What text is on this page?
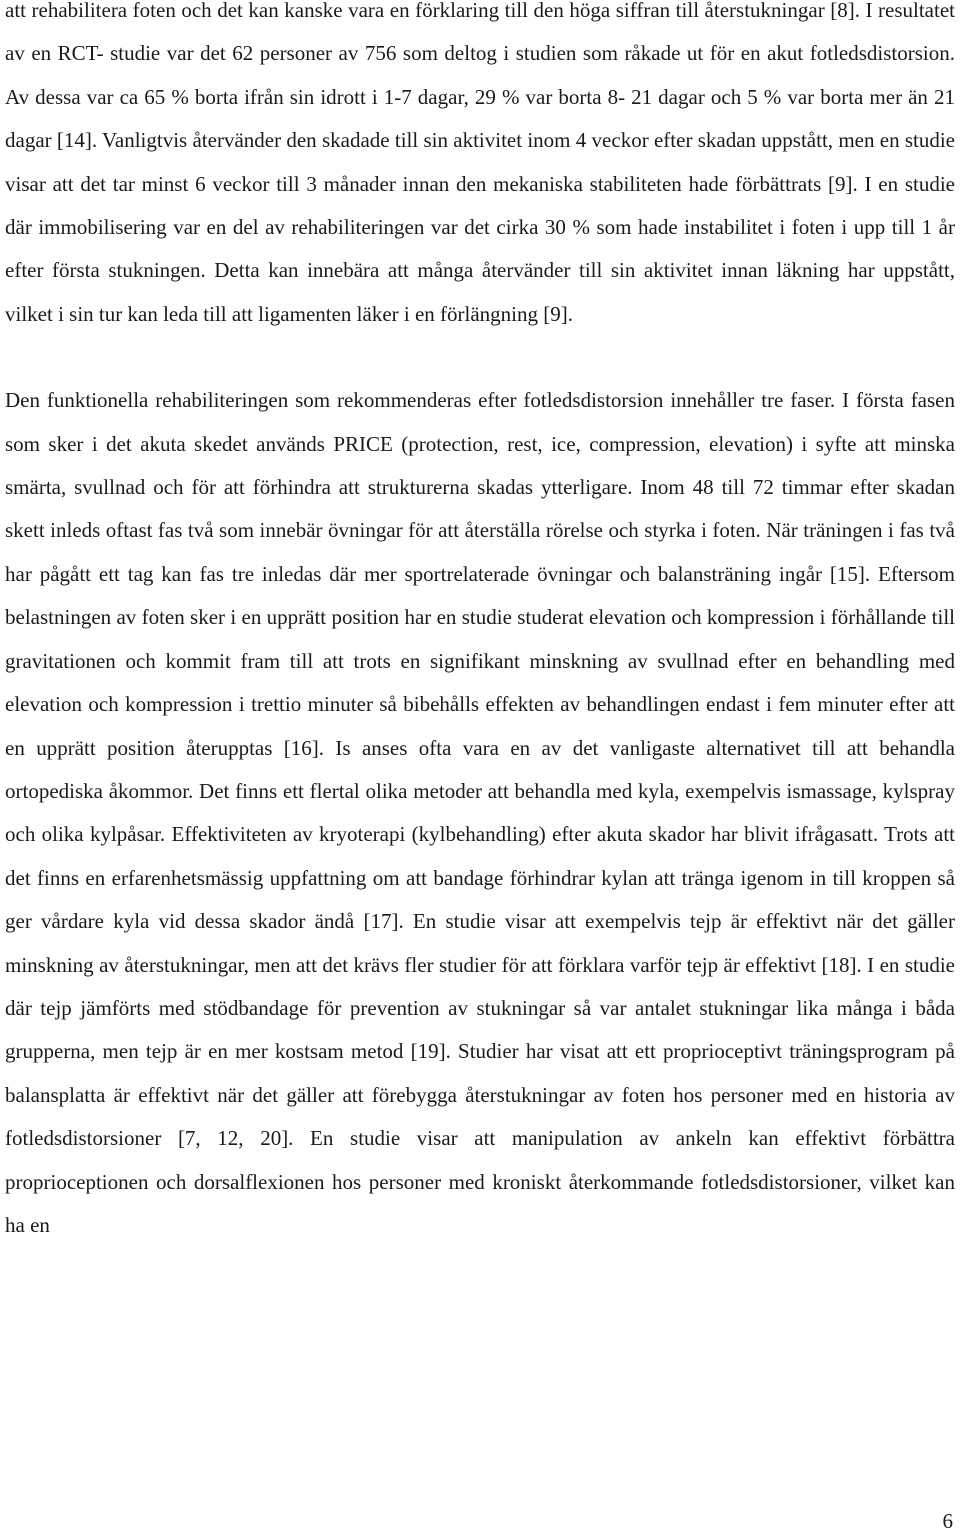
att rehabilitera foten och det kan kanske vara en förklaring till den höga siffran till återstukningar [8]. I resultatet av en RCT- studie var det 62 personer av 756 som deltog i studien som råkade ut för en akut fotledsdistorsion. Av dessa var ca 65 % borta ifrån sin idrott i 1-7 dagar, 29 % var borta 8- 21 dagar och 5 % var borta mer än 21 dagar [14]. Vanligtvis återvänder den skadade till sin aktivitet inom 4 veckor efter skadan uppstått, men en studie visar att det tar minst 6 veckor till 3 månader innan den mekaniska stabiliteten hade förbättrats [9]. I en studie där immobilisering var en del av rehabiliteringen var det cirka 30 % som hade instabilitet i foten i upp till 1 år efter första stukningen. Detta kan innebära att många återvänder till sin aktivitet innan läkning har uppstått, vilket i sin tur kan leda till att ligamenten läker i en förlängning [9].

Den funktionella rehabiliteringen som rekommenderas efter fotledsdistorsion innehåller tre faser. I första fasen som sker i det akuta skedet används PRICE (protection, rest, ice, compression, elevation) i syfte att minska smärta, svullnad och för att förhindra att strukturerna skadas ytterligare. Inom 48 till 72 timmar efter skadan skett inleds oftast fas två som innebär övningar för att återställa rörelse och styrka i foten. När träningen i fas två har pågått ett tag kan fas tre inledas där mer sportrelaterade övningar och balansträning ingår [15]. Eftersom belastningen av foten sker i en upprätt position har en studie studerat elevation och kompression i förhållande till gravitationen och kommit fram till att trots en signifikant minskning av svullnad efter en behandling med elevation och kompression i trettio minuter så bibehålls effekten av behandlingen endast i fem minuter efter att en upprätt position återupptas [16]. Is anses ofta vara en av det vanligaste alternativet till att behandla ortopediska åkommor. Det finns ett flertal olika metoder att behandla med kyla, exempelvis ismassage, kylspray och olika kylpåsar. Effektiviteten av kryoterapi (kylbehandling) efter akuta skador har blivit ifrågasatt. Trots att det finns en erfarenhetsmässig uppfattning om att bandage förhindrar kylan att tränga igenom in till kroppen så ger vårdare kyla vid dessa skador ändå [17]. En studie visar att exempelvis tejp är effektivt när det gäller minskning av återstukningar, men att det krävs fler studier för att förklara varför tejp är effektivt [18]. I en studie där tejp jämförts med stödbandage för prevention av stukningar så var antalet stukningar lika många i båda grupperna, men tejp är en mer kostsam metod [19]. Studier har visat att ett proprioceptivt träningsprogram på balansplatta är effektivt när det gäller att förebygga återstukningar av foten hos personer med en historia av fotledsdistorsioner [7, 12, 20]. En studie visar att manipulation av ankeln kan effektivt förbättra proprioceptionen och dorsalflexionen hos personer med kroniskt återkommande fotledsdistorsioner, vilket kan ha en

6
